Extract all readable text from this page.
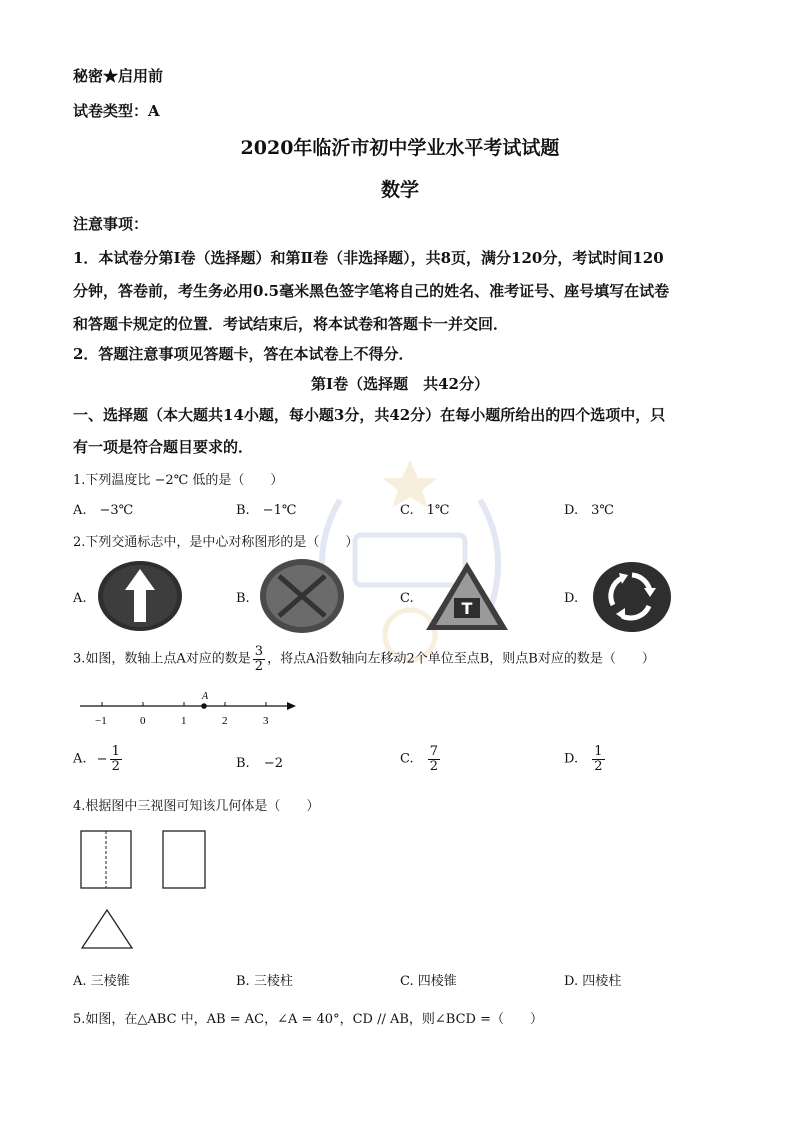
秘密★启用前
试卷类型：A
2020年临沂市初中学业水平考试试题
数学
注意事项：
1．本试卷分第Ⅰ卷（选择题）和第Ⅱ卷（非选择题），共8页，满分120分，考试时间120
分钟，答卷前，考生务必用0.5毫米黑色签字笔将自己的姓名、准考证号、座号填写在试卷
和答题卡规定的位置．考试结束后，将本试卷和答题卡一并交回．
2．答题注意事项见答题卡，答在本试卷上不得分．
第Ⅰ卷（选择题　共42分）
一、选择题（本大题共14小题，每小题3分，共42分）在每小题所给出的四个选项中，只
有一项是符合题目要求的．
1.下列温度比 −2℃ 低的是（　　）
A.　−3℃	B.　−1℃	C.　1℃	D.　3℃
2.下列交通标志中，是中心对称图形的是（　　）
A.	B.	C.	D.
T
3.如图，数轴上点A对应的数是 $\frac{3}{2}$ ，将点A沿数轴向左移动2个单位至点B，则点B对应的数是（　　）
A
−1	0	1	2	3
A. − $\frac{1}{2}$	B. −2	C. $\frac{7}{2}$	D. $\frac{1}{2}$
4.根据图中三视图可知该几何体是（　　）
A. 三棱锥	B. 三棱柱	C. 四棱锥	D. 四棱柱
5.如图，在△ABC 中，AB = AC，∠A = 40°，CD // AB，则∠BCD =（　　）
